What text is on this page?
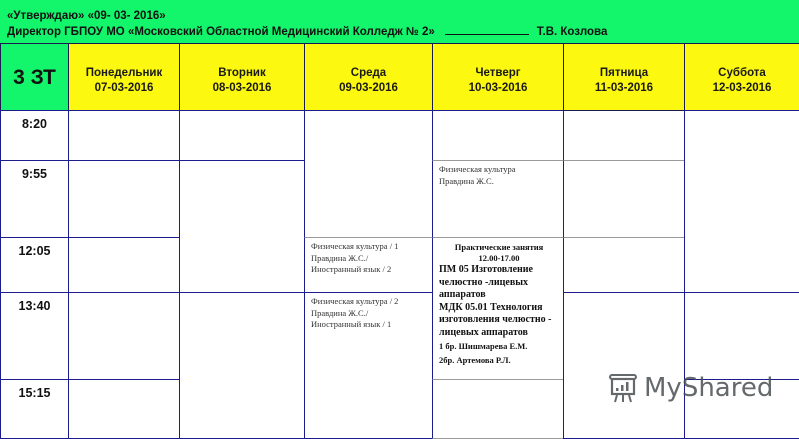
«Утверждаю» «09- 03- 2016»
Директор ГБПОУ МО «Московский Областной Медицинский Колледж № 2»	Т.В. Козлова
3 ЗТ	Понедельник
07-03-2016
Вторник
08-03-2016
Среда
09-03-2016
Четверг
10-03-2016
Пятница
11-03-2016
Суббота
12-03-2016
8:20
9:55
12:05
13:40
15:15
Физическая культура / 1
Правдина Ж.С./
Иностранный язык / 2
Физическая культура / 2
Правдина Ж.С./
Иностранный язык / 1
Физическая культура
Правдина Ж.С.
Практические занятия
12.00-17.00
ПМ 05 Изготовление челюстно -лицевых аппаратов
МДК 05.01 Технология изготовления челюстно - лицевых аппаратов
1 бр. Шишмарева Е.М.
2бр. Артемова Р.Л.
MyShared
